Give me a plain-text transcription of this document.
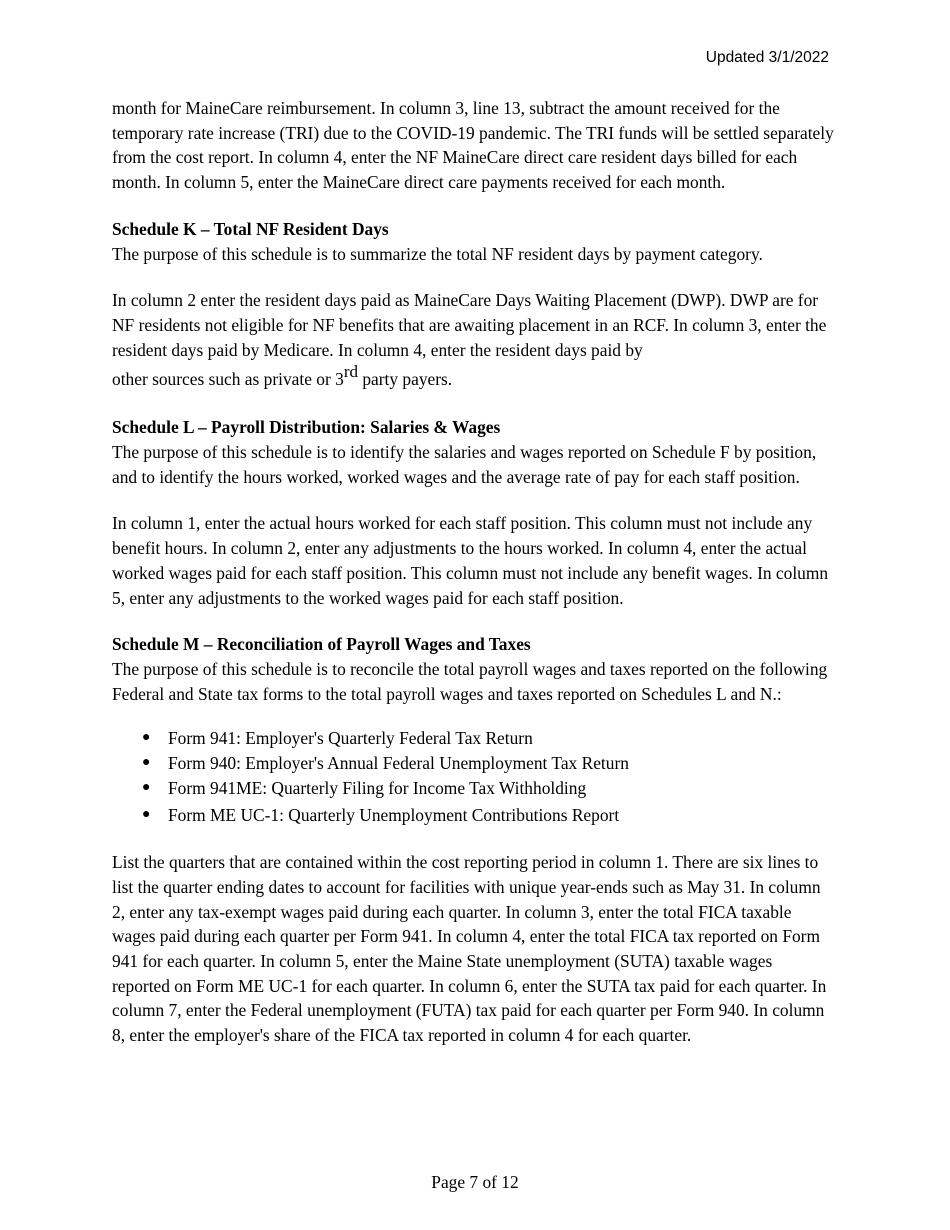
Updated 3/1/2022

month for MaineCare reimbursement. In column 3, line 13, subtract the amount received for the temporary rate increase (TRI) due to the COVID-19 pandemic. The TRI funds will be settled separately from the cost report. In column 4, enter the NF MaineCare direct care resident days billed for each month. In column 5, enter the MaineCare direct care payments received for each month.

Schedule K – Total NF Resident Days

The purpose of this schedule is to summarize the total NF resident days by payment category.

In column 2 enter the resident days paid as MaineCare Days Waiting Placement (DWP). DWP are for NF residents not eligible for NF benefits that are awaiting placement in an RCF. In column 3, enter the resident days paid by Medicare. In column 4, enter the resident days paid by
other sources such as private or 3rd party payers.

Schedule L – Payroll Distribution: Salaries & Wages

The purpose of this schedule is to identify the salaries and wages reported on Schedule F by position, and to identify the hours worked, worked wages and the average rate of pay for each staff position.

In column 1, enter the actual hours worked for each staff position. This column must not include any benefit hours. In column 2, enter any adjustments to the hours worked. In column 4, enter the actual worked wages paid for each staff position. This column must not include any benefit wages. In column 5, enter any adjustments to the worked wages paid for each staff position.

Schedule M – Reconciliation of Payroll Wages and Taxes

The purpose of this schedule is to reconcile the total payroll wages and taxes reported on the following Federal and State tax forms to the total payroll wages and taxes reported on Schedules L and N.:

● Form 941: Employer's Quarterly Federal Tax Return
● Form 940: Employer's Annual Federal Unemployment Tax Return
● Form 941ME: Quarterly Filing for Income Tax Withholding
● Form ME UC-1: Quarterly Unemployment Contributions Report

List the quarters that are contained within the cost reporting period in column 1. There are six lines to list the quarter ending dates to account for facilities with unique year-ends such as May 31. In column 2, enter any tax-exempt wages paid during each quarter. In column 3, enter the total FICA taxable wages paid during each quarter per Form 941. In column 4, enter the total FICA tax reported on Form 941 for each quarter. In column 5, enter the Maine State unemployment (SUTA) taxable wages reported on Form ME UC-1 for each quarter. In column 6, enter the SUTA tax paid for each quarter. In column 7, enter the Federal unemployment (FUTA) tax paid for each quarter per Form 940. In column 8, enter the employer's share of the FICA tax reported in column 4 for each quarter.

Page 7 of 12
